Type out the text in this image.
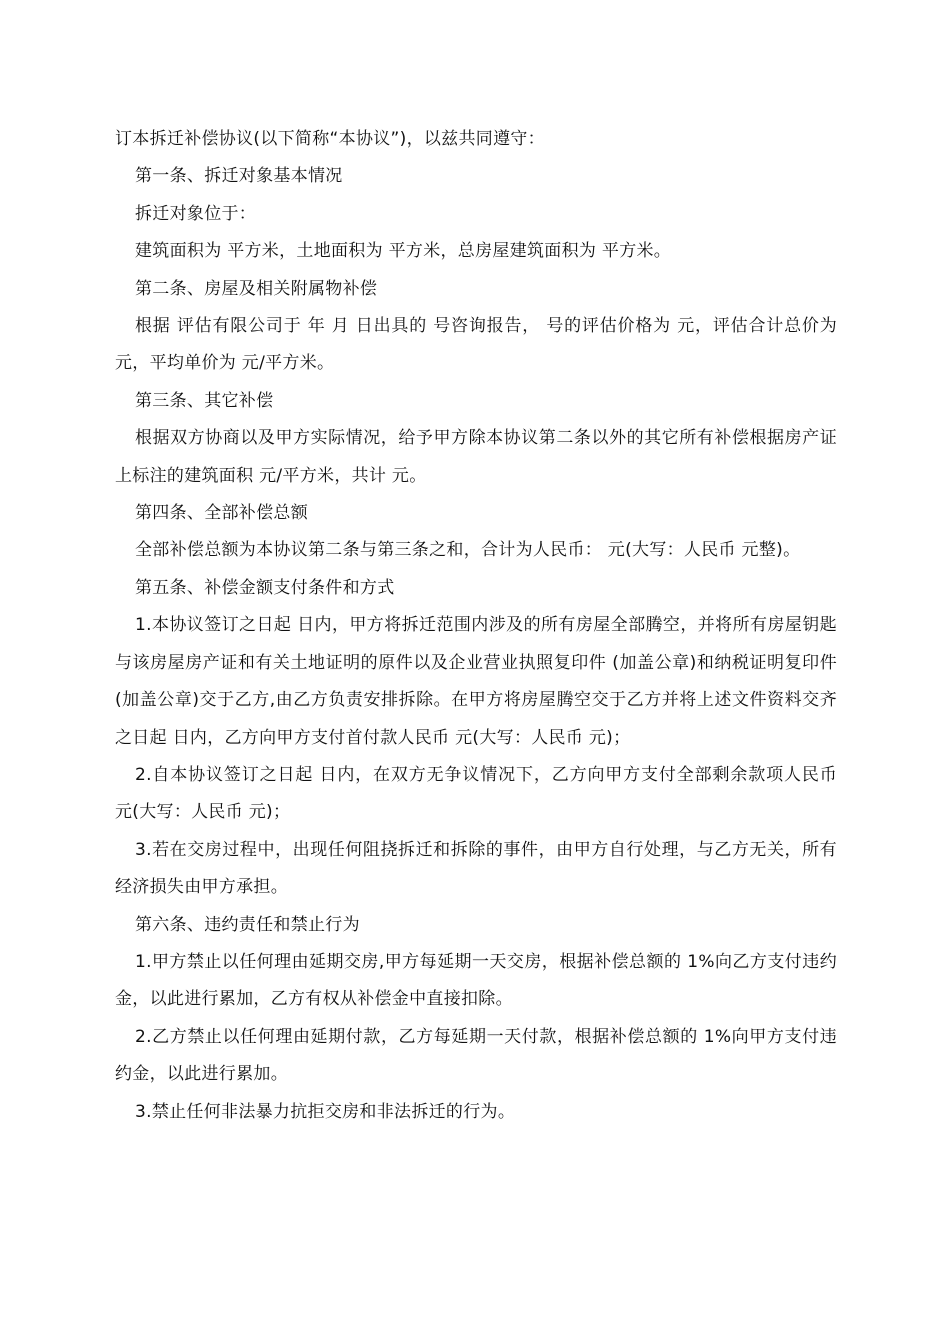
订本拆迁补偿协议(以下简称“本协议”)，以兹共同遵守：

第一条、拆迁对象基本情况

拆迁对象位于：

建筑面积为 平方米，土地面积为 平方米，总房屋建筑面积为 平方米。

第二条、房屋及相关附属物补偿

根据 评估有限公司于 年 月 日出具的 号咨询报告， 号的评估价格为 元，评估合计总价为 元，平均单价为 元/平方米。

第三条、其它补偿

根据双方协商以及甲方实际情况，给予甲方除本协议第二条以外的其它所有补偿根据房产证上标注的建筑面积 元/平方米，共计 元。

第四条、全部补偿总额

全部补偿总额为本协议第二条与第三条之和，合计为人民币： 元(大写：人民币 元整)。

第五条、补偿金额支付条件和方式

1.本协议签订之日起 日内，甲方将拆迁范围内涉及的所有房屋全部腾空，并将所有房屋钥匙与该房屋房产证和有关土地证明的原件以及企业营业执照复印件 (加盖公章)和纳税证明复印件(加盖公章)交于乙方,由乙方负责安排拆除。在甲方将房屋腾空交于乙方并将上述文件资料交齐之日起 日内，乙方向甲方支付首付款人民币 元(大写：人民币 元)；

2.自本协议签订之日起 日内，在双方无争议情况下，乙方向甲方支付全部剩余款项人民币 元(大写：人民币 元)；

3.若在交房过程中，出现任何阻挠拆迁和拆除的事件，由甲方自行处理，与乙方无关，所有经济损失由甲方承担。

第六条、违约责任和禁止行为

1.甲方禁止以任何理由延期交房,甲方每延期一天交房，根据补偿总额的 1%向乙方支付违约金，以此进行累加，乙方有权从补偿金中直接扣除。

2.乙方禁止以任何理由延期付款，乙方每延期一天付款，根据补偿总额的 1%向甲方支付违约金，以此进行累加。

3.禁止任何非法暴力抗拒交房和非法拆迁的行为。
